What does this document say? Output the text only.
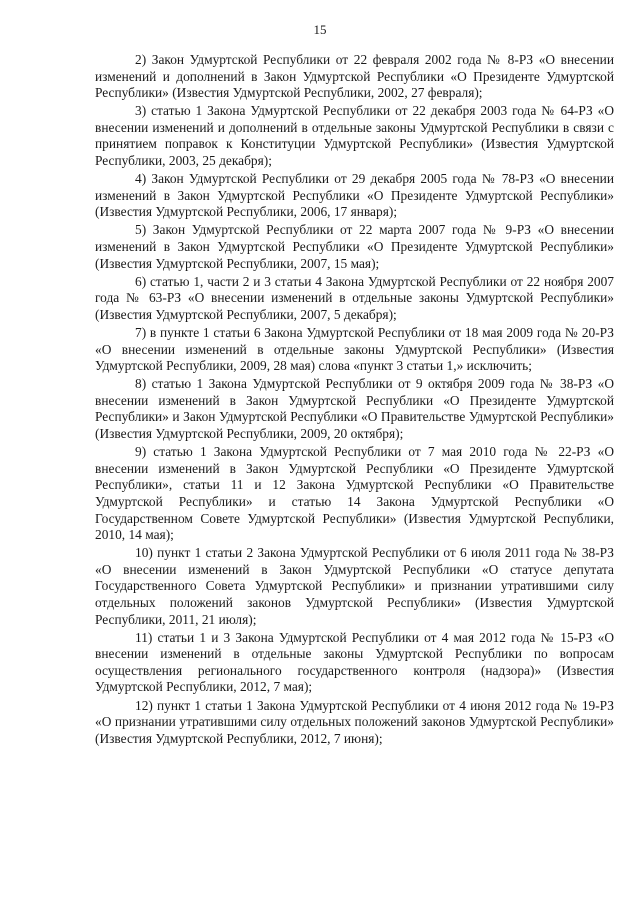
15

2) Закон Удмуртской Республики от 22 февраля 2002 года № 8-РЗ «О внесении изменений и дополнений в Закон Удмуртской Республики «О Президенте Удмуртской Республики» (Известия Удмуртской Республики, 2002, 27 февраля);

3) статью 1 Закона Удмуртской Республики от 22 декабря 2003 года № 64-РЗ «О внесении изменений и дополнений в отдельные законы Удмуртской Республики в связи с принятием поправок к Конституции Удмуртской Республики» (Известия Удмуртской Республики, 2003, 25 декабря);

4) Закон Удмуртской Республики от 29 декабря 2005 года № 78-РЗ «О внесении изменений в Закон Удмуртской Республики «О Президенте Удмуртской Республики» (Известия Удмуртской Республики, 2006, 17 января);

5) Закон Удмуртской Республики от 22 марта 2007 года № 9-РЗ «О внесении изменений в Закон Удмуртской Республики «О Президенте Удмуртской Республики» (Известия Удмуртской Республики, 2007, 15 мая);

6) статью 1, части 2 и 3 статьи 4 Закона Удмуртской Республики от 22 ноября 2007 года № 63-РЗ «О внесении изменений в отдельные законы Удмуртской Республики» (Известия Удмуртской Республики, 2007, 5 декабря);

7) в пункте 1 статьи 6 Закона Удмуртской Республики от 18 мая 2009 года № 20-РЗ «О внесении изменений в отдельные законы Удмуртской Республики» (Известия Удмуртской Республики, 2009, 28 мая) слова «пункт 3 статьи 1,» исключить;

8) статью 1 Закона Удмуртской Республики от 9 октября 2009 года № 38-РЗ «О внесении изменений в Закон Удмуртской Республики «О Президенте Удмуртской Республики» и Закон Удмуртской Республики «О Правительстве Удмуртской Республики» (Известия Удмуртской Республики, 2009, 20 октября);

9) статью 1 Закона Удмуртской Республики от 7 мая 2010 года № 22-РЗ «О внесении изменений в Закон Удмуртской Республики «О Президенте Удмуртской Республики», статьи 11 и 12 Закона Удмуртской Республики «О Правительстве Удмуртской Республики» и статью 14 Закона Удмуртской Республики «О Государственном Совете Удмуртской Республики» (Известия Удмуртской Республики, 2010, 14 мая);

10) пункт 1 статьи 2 Закона Удмуртской Республики от 6 июля 2011 года № 38-РЗ «О внесении изменений в Закон Удмуртской Республики «О статусе депутата Государственного Совета Удмуртской Республики» и признании утратившими силу отдельных положений законов Удмуртской Республики» (Известия Удмуртской Республики, 2011, 21 июля);

11) статьи 1 и 3 Закона Удмуртской Республики от 4 мая 2012 года № 15-РЗ «О внесении изменений в отдельные законы Удмуртской Республики по вопросам осуществления регионального государственного контроля (надзора)» (Известия Удмуртской Республики, 2012, 7 мая);

12) пункт 1 статьи 1 Закона Удмуртской Республики от 4 июня 2012 года № 19-РЗ «О признании утратившими силу отдельных положений законов Удмуртской Республики» (Известия Удмуртской Республики, 2012, 7 июня);
